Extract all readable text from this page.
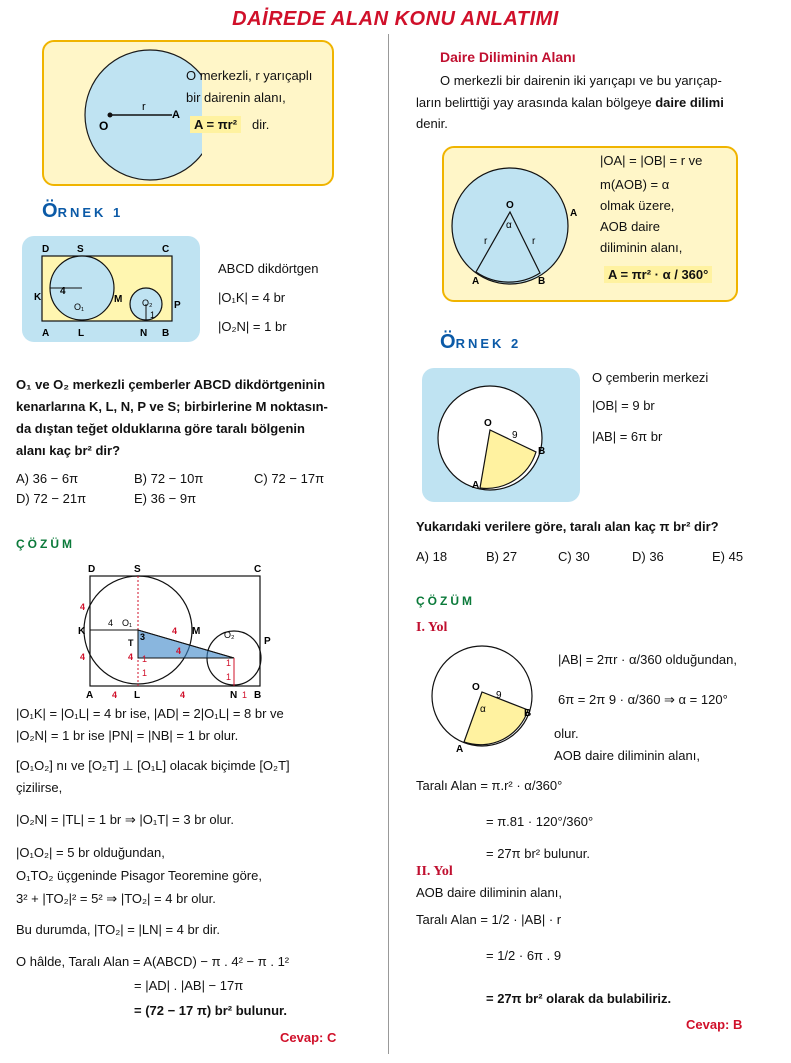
DAİREDE ALAN KONU ANLATIMI
O
r
A
O merkezli, r yarıçaplı
bir dairenin alanı,
A = πr²	dir.
ÖRNEK 1
D	S	C
K
4
O₁
M O₂ P
1
A	L	N B
ABCD dikdörtgen
|O₁K| = 4 br
|O₂N| = 1 br
O₁ ve O₂ merkezli çemberler ABCD dikdörtgeninin
kenarlarına K, L, N, P ve S; birbirlerine M noktasın-
da dıştan teğet olduklarına göre taralı bölgenin
alanı kaç br² dir?
A) 36 − 6π	B) 72 − 10π	C) 72 − 17π
D) 72 − 21π	E) 36 − 9π
ÇÖZÜM
D	S	C
K
4
4
O₁
4
T
3
4
4
4
M	O₂
1
1
1
1
P
A 4 L	4	N 1 B
|O₁K| = |O₁L| = 4 br ise, |AD| = 2|O₁L| = 8 br ve
|O₂N| = 1 br ise |PN| = |NB| = 1 br olur.
[O₁O₂] nı ve [O₂T] ⊥ [O₁L] olacak biçimde [O₂T]
çizilirse,
|O₂N| = |TL| = 1 br ⇒ |O₁T| = 3 br olur.
|O₁O₂| = 5 br olduğundan,
O₁TO₂ üçgeninde Pisagor Teoremine göre,
3² + |TO₂|² = 5² ⇒ |TO₂| = 4 br olur.
Bu durumda, |TO₂| = |LN| = 4 br dir.
O hâlde, Taralı Alan = A(ABCD) − π . 4² − π . 1²
= |AD| . |AB| − 17π
= (72 − 17 π) br² bulunur.
Cevap: C
Daire Diliminin Alanı
O merkezli bir dairenin iki yarıçapı ve bu yarıçap-
ların belirttiği yay arasında kalan bölgeye daire dilimi
denir.
O
α
r	r
A
A	B
|OA| = |OB| = r ve
m(AOB) = α
olmak üzere,
AOB daire
diliminin alanı,
A = πr² · α / 360°
ÖRNEK 2
O
9
B
A
O çemberin merkezi
|OB| = 9 br
|AB| = 6π br
Yukarıdaki verilere göre, taralı alan kaç π br² dir?
A) 18	B) 27	C) 30	D) 36	E) 45
ÇÖZÜM
I. Yol
O
9
α	B
A
|AB| = 2πr · α/360 olduğundan,
6π = 2π 9 · α/360 ⇒ α = 120°
olur.
AOB daire diliminin alanı,
Taralı Alan = π.r² · α/360°
= π.81 · 120°/360°
= 27π br² bulunur.
II. Yol
AOB daire diliminin alanı,
Taralı Alan = 1/2 · |AB| · r
= 1/2 · 6π . 9
= 27π br² olarak da bulabiliriz.
Cevap: B
